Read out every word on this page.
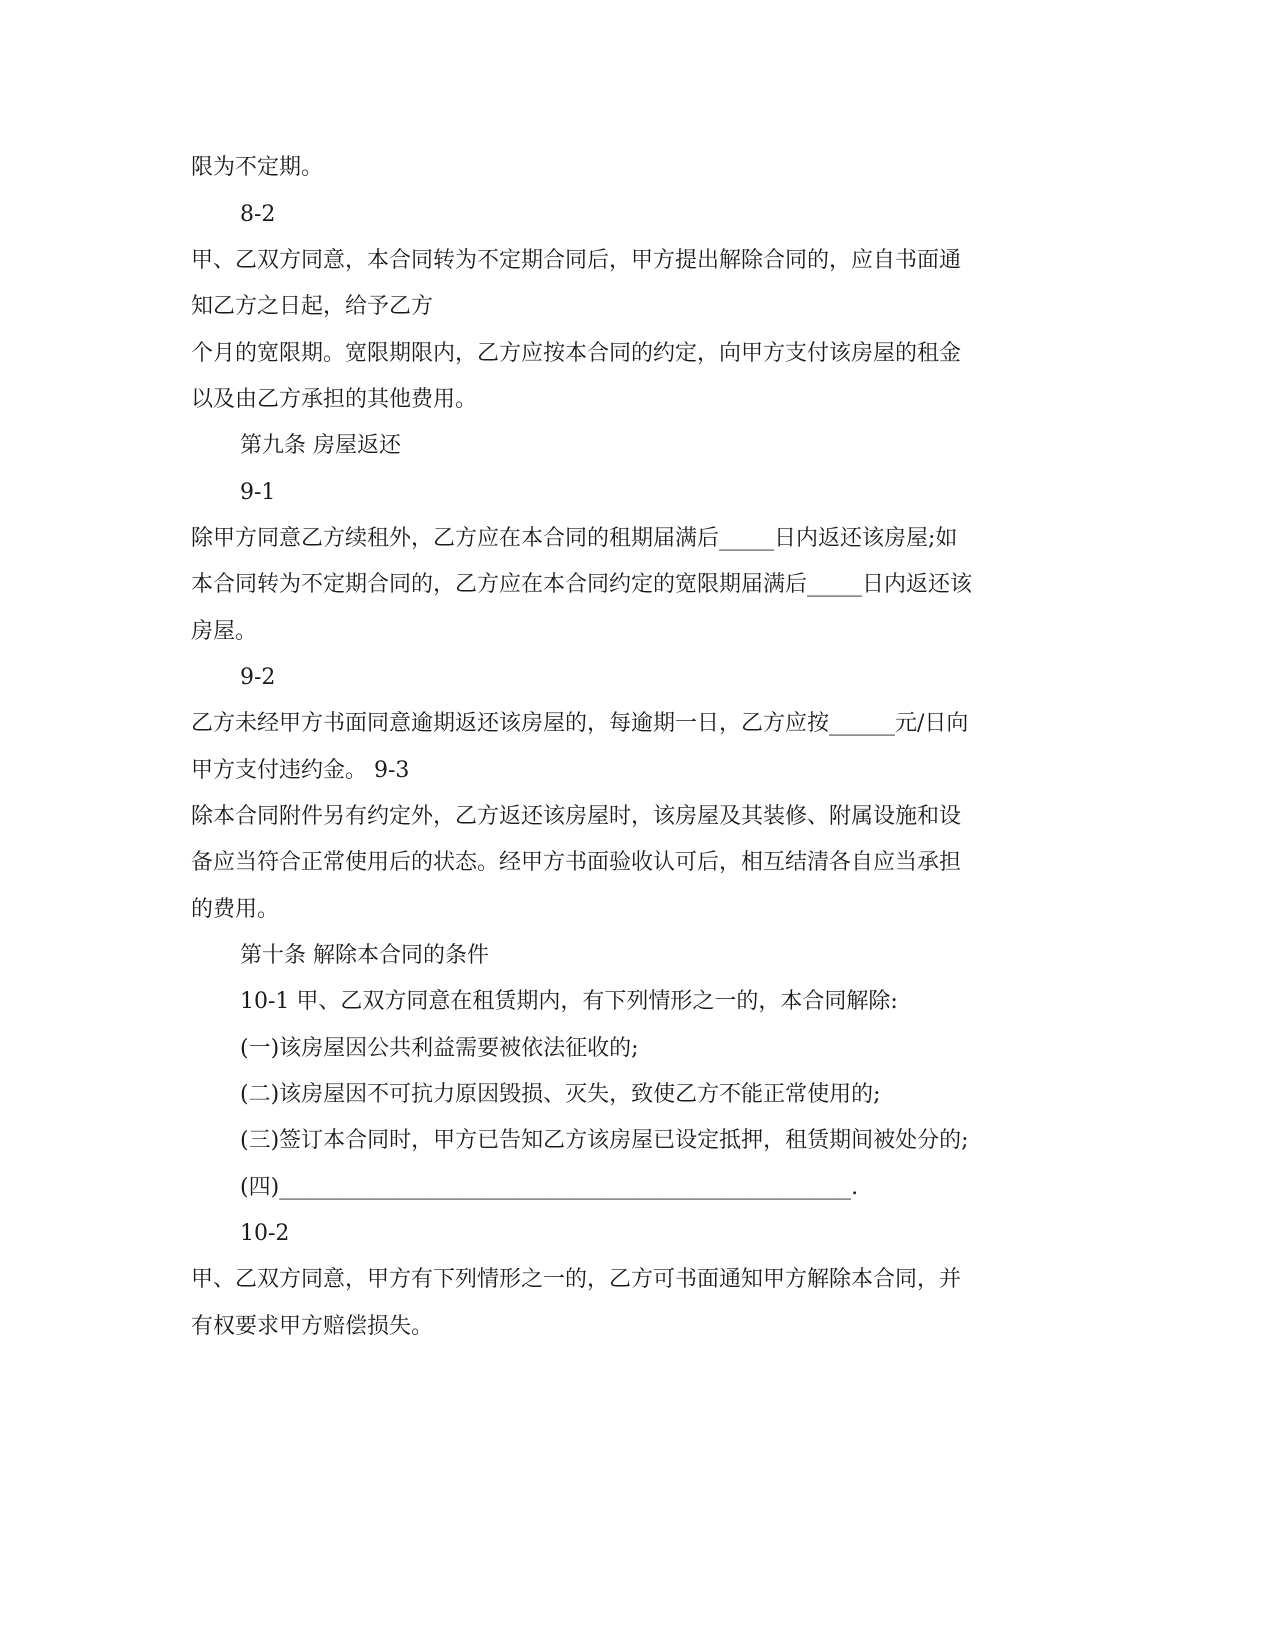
限为不定期。

8-2

甲、乙双方同意，本合同转为不定期合同后，甲方提出解除合同的，应自书面通

知乙方之日起，给予乙方

个月的宽限期。宽限期限内，乙方应按本合同的约定，向甲方支付该房屋的租金

以及由乙方承担的其他费用。

第九条 房屋返还

9-1

除甲方同意乙方续租外，乙方应在本合同的租期届满后_____日内返还该房屋;如

本合同转为不定期合同的，乙方应在本合同约定的宽限期届满后_____日内返还该

房屋。

9-2

乙方未经甲方书面同意逾期返还该房屋的，每逾期一日，乙方应按______元/日向

甲方支付违约金。 9-3

除本合同附件另有约定外，乙方返还该房屋时，该房屋及其装修、附属设施和设

备应当符合正常使用后的状态。经甲方书面验收认可后，相互结清各自应当承担

的费用。

第十条 解除本合同的条件

10-1 甲、乙双方同意在租赁期内，有下列情形之一的，本合同解除:

(一)该房屋因公共利益需要被依法征收的;

(二)该房屋因不可抗力原因毁损、灭失，致使乙方不能正常使用的;

(三)签订本合同时，甲方已告知乙方该房屋已设定抵押，租赁期间被处分的;

(四)____________________________________________________.

10-2

甲、乙双方同意，甲方有下列情形之一的，乙方可书面通知甲方解除本合同，并

有权要求甲方赔偿损失。
